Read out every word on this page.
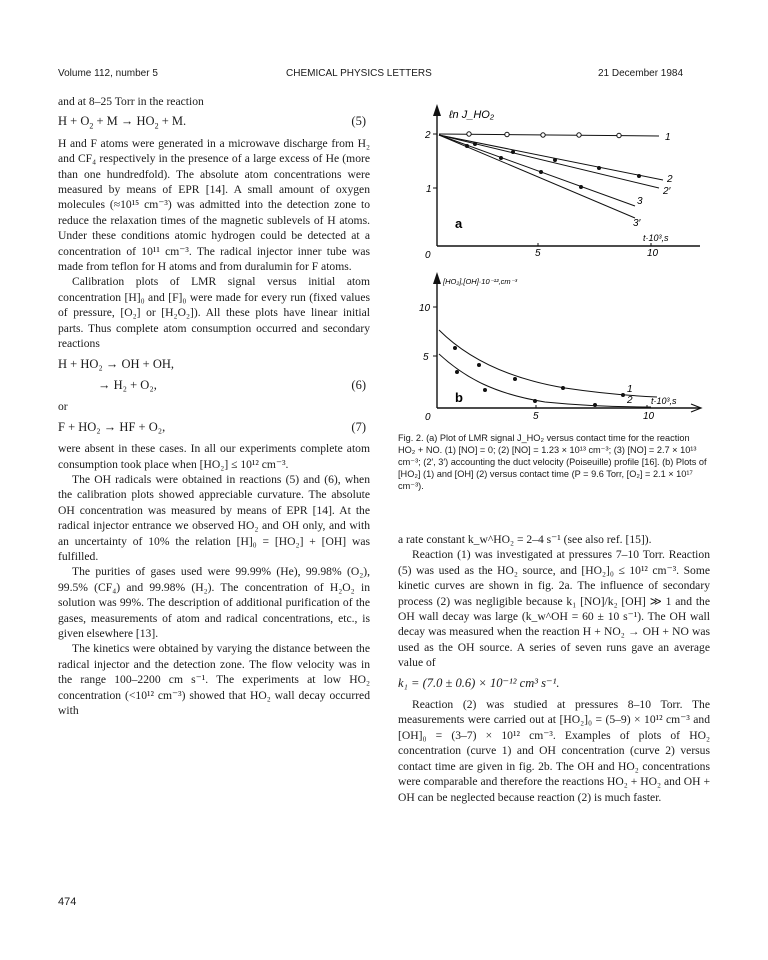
Volume 112, number 5	CHEMICAL PHYSICS LETTERS	21 December 1984

and at 8–25 Torr in the reaction

$H + O_2 + M \to HO_2 + M$.	(5)

H and F atoms were generated in a microwave discharge from H₂ and CF₄ respectively in the presence of a large excess of He (more than one hundredfold). The absolute atom concentrations were measured by means of EPR [14]. A small amount of oxygen molecules (≈10¹⁵ cm⁻³) was admitted into the detection zone to reduce the relaxation times of the magnetic sublevels of H atoms. Under these conditions atomic hydrogen could be detected at a concentration of 10¹¹ cm⁻³. The radical injector inner tube was made from teflon for H atoms and from duralumin for F atoms.

Calibration plots of LMR signal versus initial atom concentration [H]₀ and [F]₀ were made for every run (fixed values of pressure, [O₂] or [H₂O₂]). All these plots have linear initial parts. Thus complete atom consumption occurred and secondary reactions

H + HO₂ → OH + OH,
→ H₂ + O₂,	(6)
or
F + HO₂ → HF + O₂,	(7)

were absent in these cases. In all our experiments complete atom consumption took place when [HO₂] ≤ 10¹² cm⁻³.

The OH radicals were obtained in reactions (5) and (6), when the calibration plots showed appreciable curvature. The absolute OH concentration was measured by means of EPR [14]. At the radical injector entrance we observed HO₂ and OH only, and with an uncertainty of 10% the relation [H]₀ = [HO₂] + [OH] was fulfilled.

The purities of gases used were 99.99% (He), 99.98% (O₂), 99.5% (CF₄) and 99.98% (H₂). The concentration of H₂O₂ in solution was 99%. The description of additional purification of the gases, measurements of atom and radical concentrations, etc., is given elsewhere [13].

The kinetics were obtained by varying the distance between the radical injector and the detection zone. The flow velocity was in the range 100–2200 cm s⁻¹. The experiments at low HO₂ concentration (<10¹² cm⁻³) showed that HO₂ wall decay occurred with

ℓn J_HO₂
2
1
0	5	10
t·10³,s
a
1
2
2′
3
3′
[HO₂],[OH]·10⁻¹²,cm⁻³
10
5
0	5	10
t·10³,s
b
1
2
Fig. 2. (a) Plot of LMR signal J_HO₂ versus contact time for the reaction HO₂ + NO. (1) [NO] = 0; (2) [NO] = 1.23 × 10¹³ cm⁻³; (3) [NO] = 2.7 × 10¹³ cm⁻³; (2′, 3′) accounting the duct velocity (Poiseuille) profile [16]. (b) Plots of [HO₂] (1) and [OH] (2) versus contact time (P = 9.6 Torr, [O₂] = 2.1 × 10¹⁷ cm⁻³).

a rate constant k_w^HO₂ = 2–4 s⁻¹ (see also ref. [15]).

Reaction (1) was investigated at pressures 7–10 Torr. Reaction (5) was used as the HO₂ source, and [HO₂]₀ ≤ 10¹² cm⁻³. Some kinetic curves are shown in fig. 2a. The influence of secondary process (2) was negligible because k₁ [NO]/k₂ [OH] ≫ 1 and the OH wall decay was large (k_w^OH = 60 ± 10 s⁻¹). The OH wall decay was measured when the reaction H + NO₂ → OH + NO was used as the OH source. A series of seven runs gave an average value of

k₁ = (7.0 ± 0.6) × 10⁻¹² cm³ s⁻¹.

Reaction (2) was studied at pressures 8–10 Torr. The measurements were carried out at [HO₂]₀ = (5–9) × 10¹² cm⁻³ and [OH]₀ = (3–7) × 10¹² cm⁻³. Examples of plots of HO₂ concentration (curve 1) and OH concentration (curve 2) versus contact time are given in fig. 2b. The OH and HO₂ concentrations were comparable and therefore the reactions HO₂ + HO₂ and OH + OH can be neglected because reaction (2) is much faster.

474
